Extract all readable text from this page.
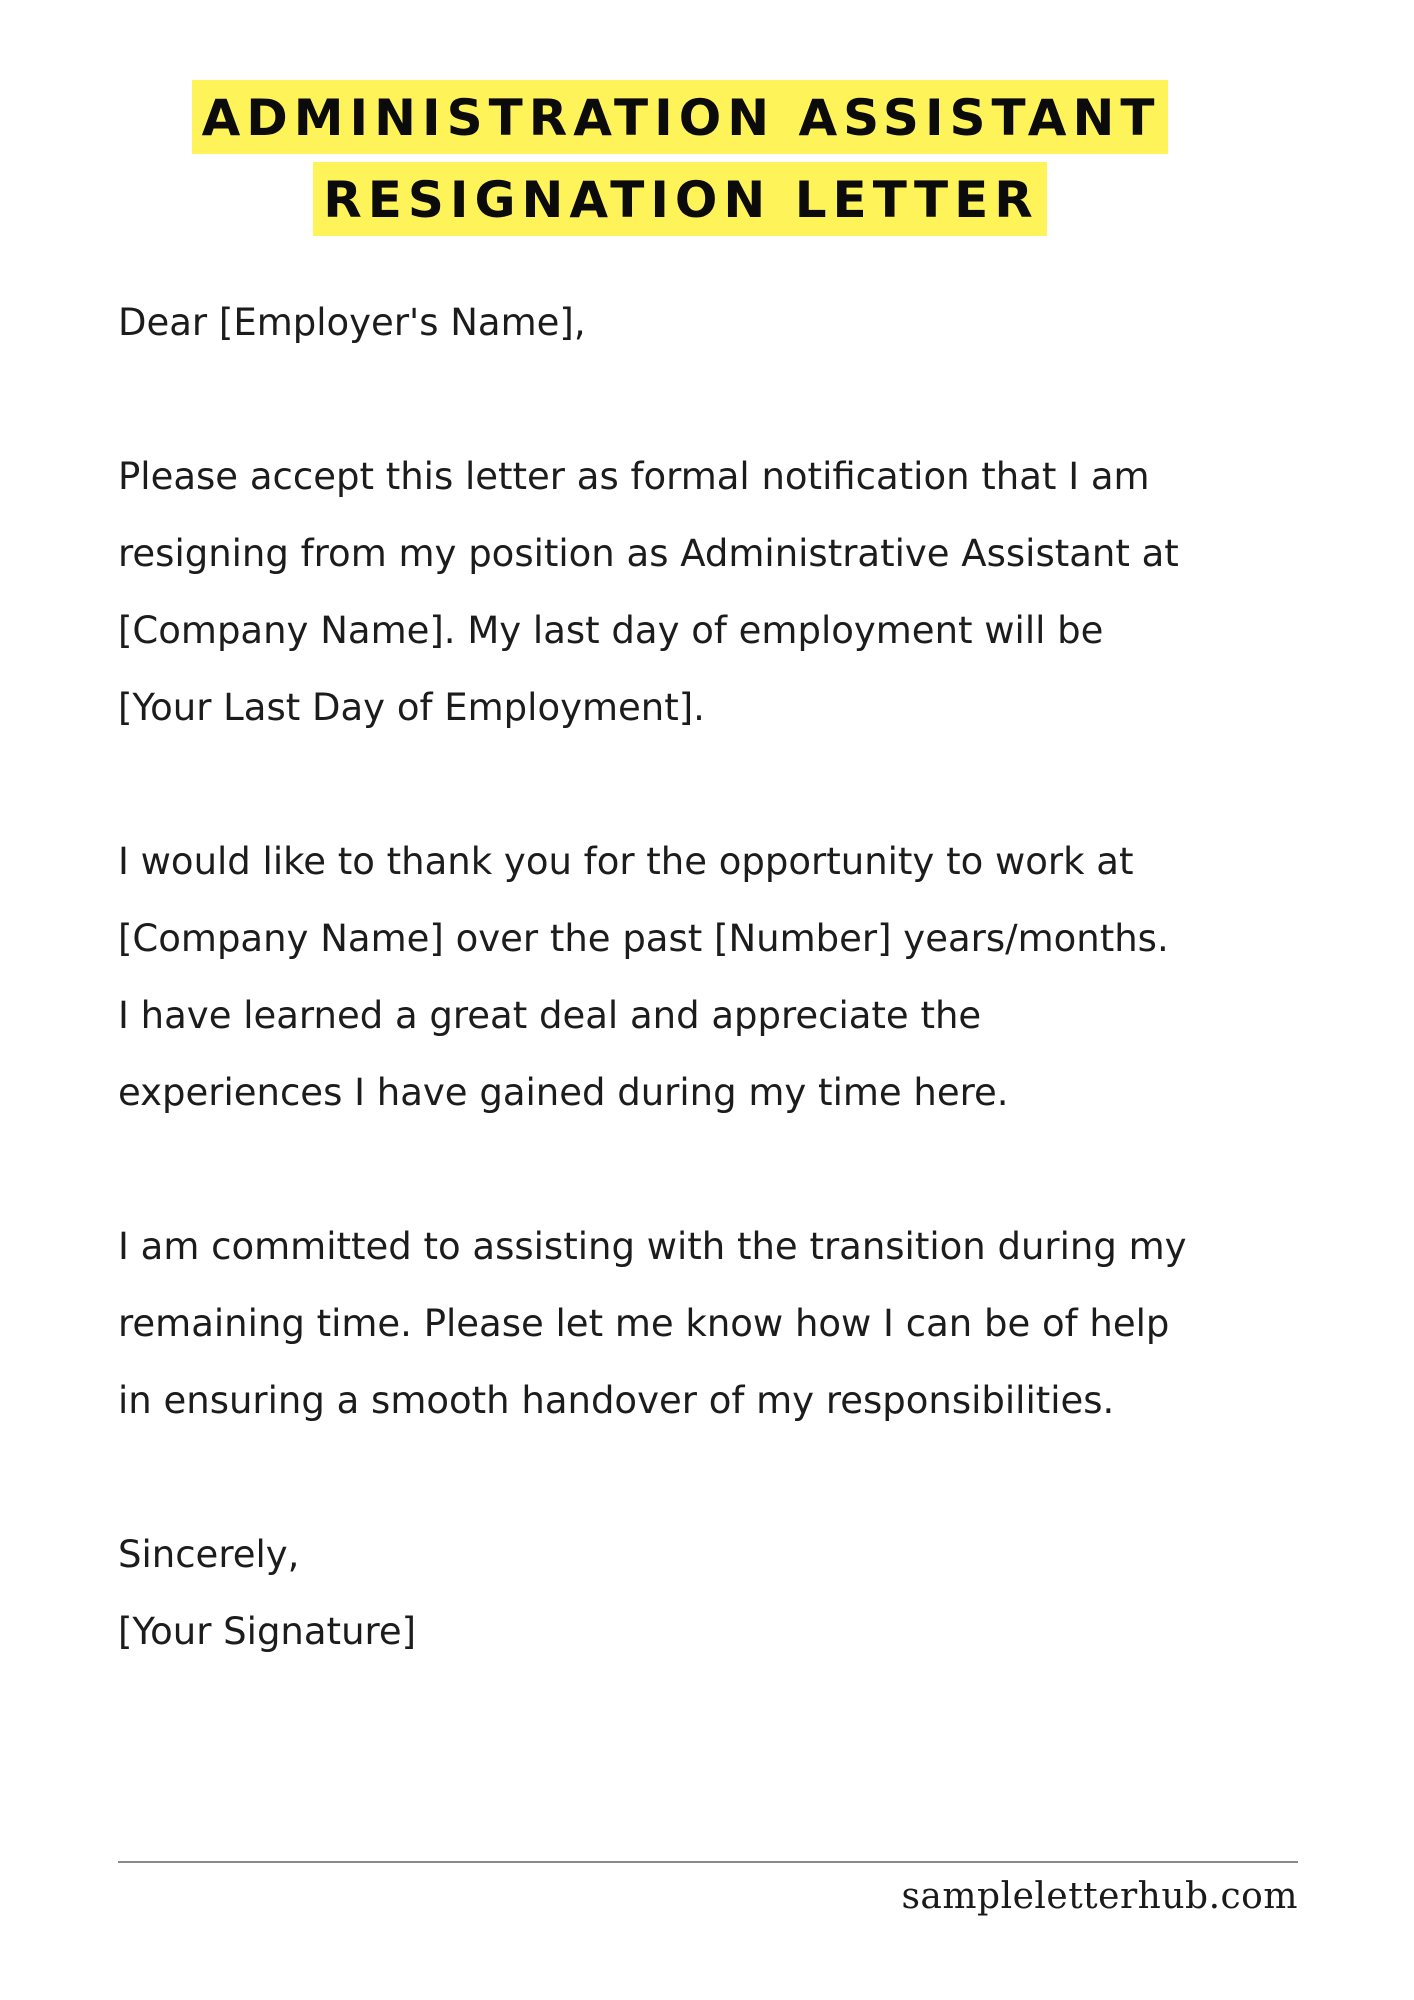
ADMINISTRATION ASSISTANT
RESIGNATION LETTER

Dear [Employer's Name],

Please accept this letter as formal notification that I am
resigning from my position as Administrative Assistant at
[Company Name]. My last day of employment will be
[Your Last Day of Employment].

I would like to thank you for the opportunity to work at
[Company Name] over the past [Number] years/months.
I have learned a great deal and appreciate the
experiences I have gained during my time here.

I am committed to assisting with the transition during my
remaining time. Please let me know how I can be of help
in ensuring a smooth handover of my responsibilities.

Sincerely,
[Your Signature]
sampleletterhub.com
